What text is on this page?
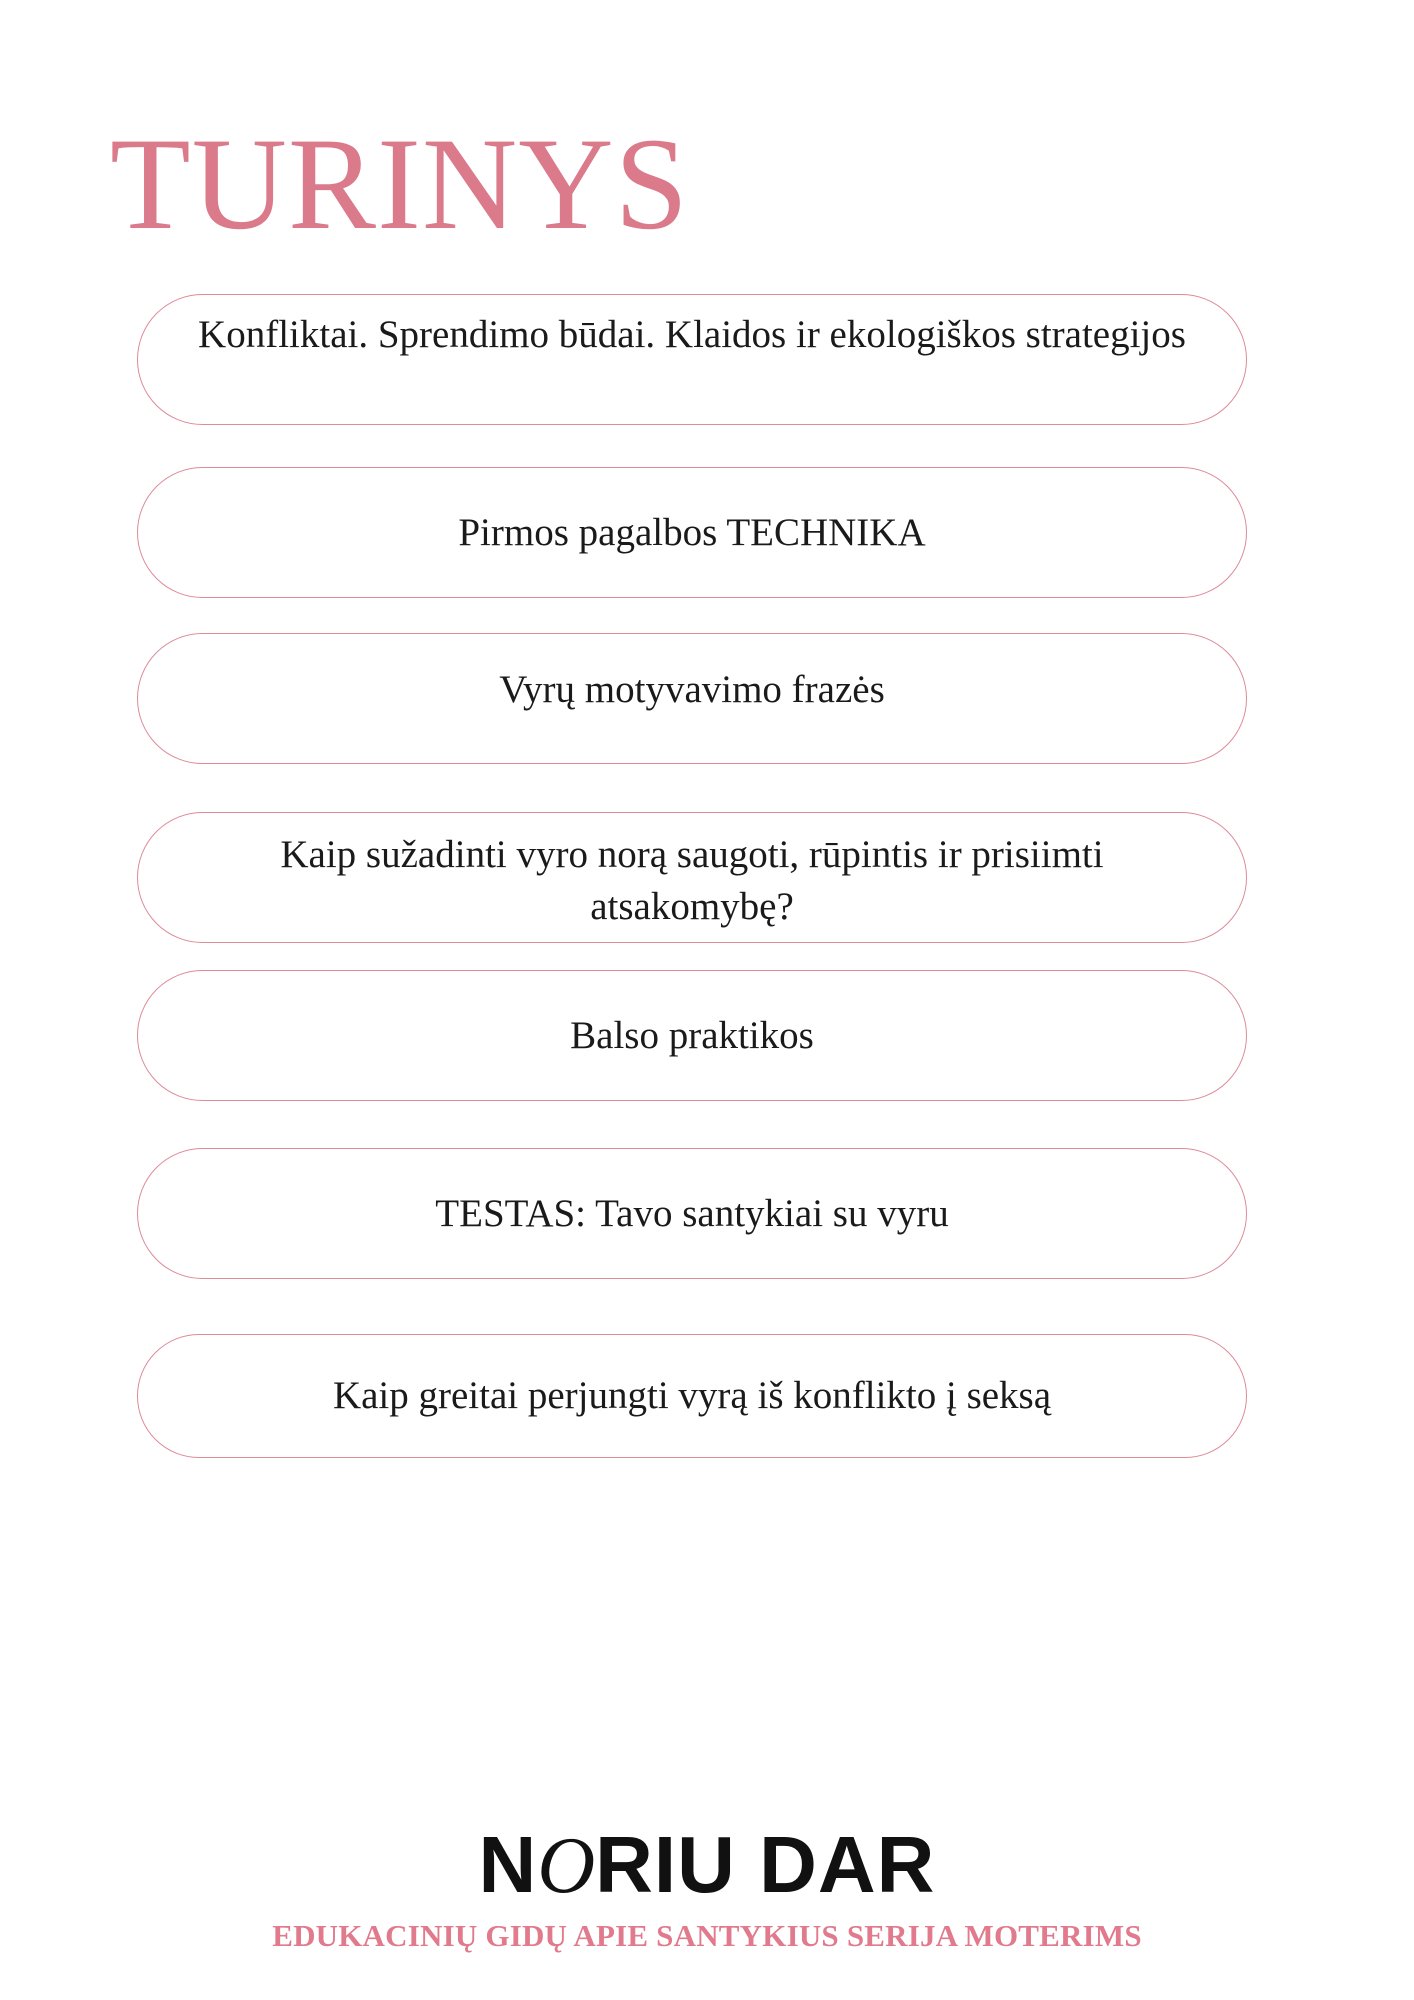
TURINYS
Konfliktai. Sprendimo būdai. Klaidos ir ekologiškos strategijos
Pirmos pagalbos TECHNIKA
Vyrų motyvavimo frazės
Kaip sužadinti vyro norą saugoti, rūpintis ir prisiimti atsakomybę?
Balso praktikos
TESTAS: Tavo santykiai su vyru
Kaip greitai perjungti vyrą iš konflikto į seksą
NORIU DAR
EDUKACINIŲ GIDŲ APIE SANTYKIUS SERIJA MOTERIMS
